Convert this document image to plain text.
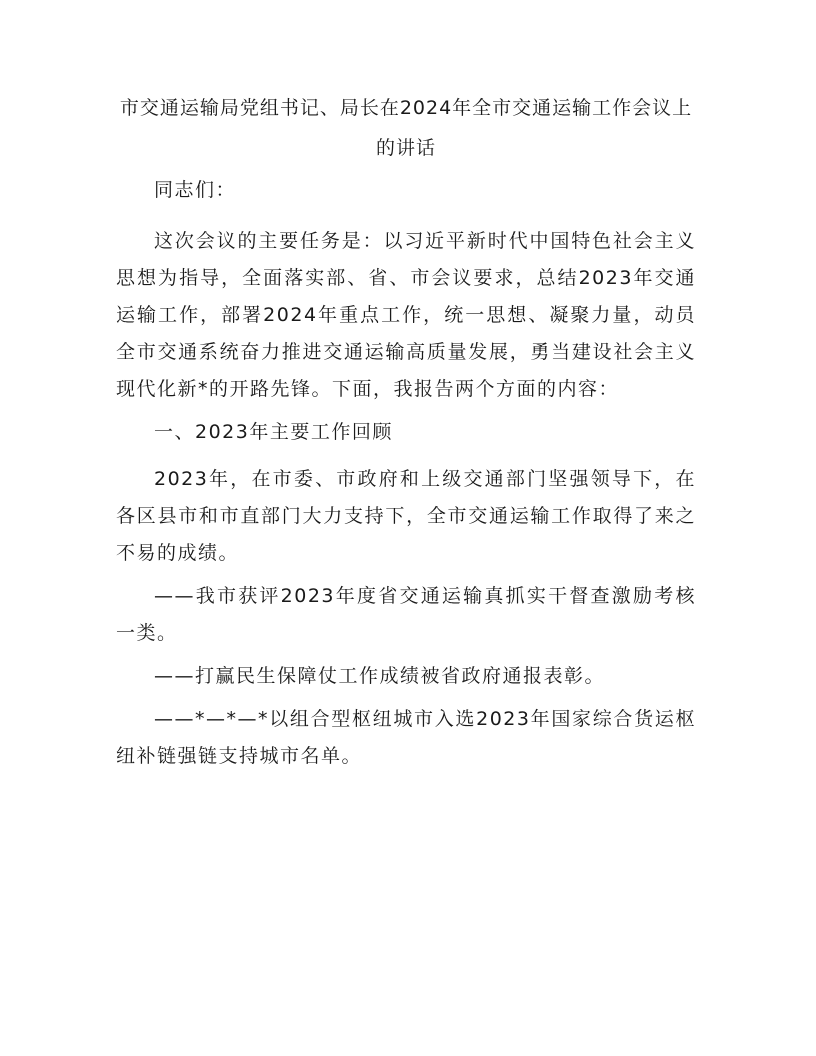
市交通运输局党组书记、局长在2024年全市交通运输工作会议上的讲话

同志们：

这次会议的主要任务是：以习近平新时代中国特色社会主义思想为指导，全面落实部、省、市会议要求，总结2023年交通运输工作，部署2024年重点工作，统一思想、凝聚力量，动员全市交通系统奋力推进交通运输高质量发展，勇当建设社会主义现代化新*的开路先锋。下面，我报告两个方面的内容：

一、2023年主要工作回顾

2023年，在市委、市政府和上级交通部门坚强领导下，在各区县市和市直部门大力支持下，全市交通运输工作取得了来之不易的成绩。

——我市获评2023年度省交通运输真抓实干督查激励考核一类。

——打赢民生保障仗工作成绩被省政府通报表彰。

——*—*—*以组合型枢纽城市入选2023年国家综合货运枢纽补链强链支持城市名单。
